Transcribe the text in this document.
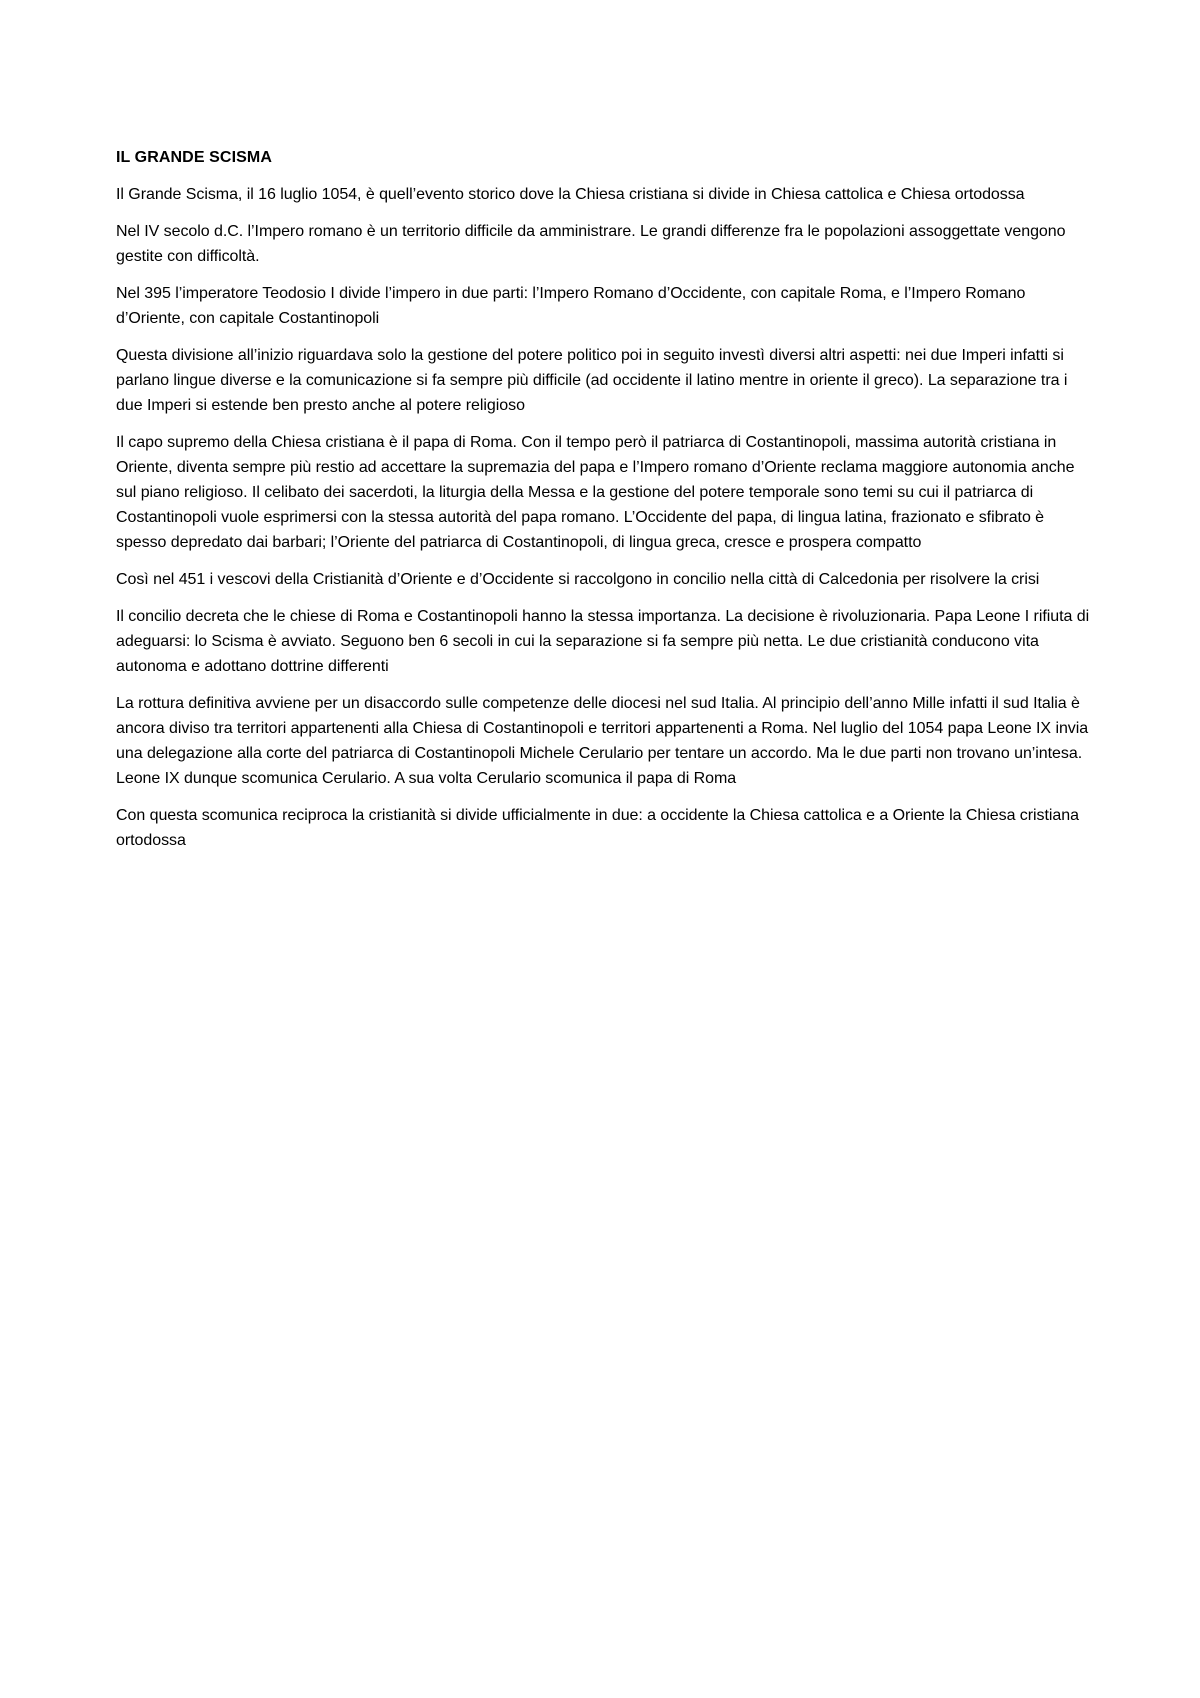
IL GRANDE SCISMA

Il Grande Scisma, il 16 luglio 1054, è quell’evento storico dove la Chiesa cristiana si divide in Chiesa cattolica e Chiesa ortodossa

Nel IV secolo d.C. l’Impero romano è un territorio difficile da amministrare. Le grandi differenze fra le popolazioni assoggettate vengono gestite con difficoltà.

Nel 395 l’imperatore Teodosio I divide l’impero in due parti: l’Impero Romano d’Occidente, con capitale Roma, e l’Impero Romano d’Oriente, con capitale Costantinopoli

Questa divisione all’inizio riguardava solo la gestione del potere politico poi in seguito investì diversi altri aspetti: nei due Imperi infatti si parlano lingue diverse e la comunicazione si fa sempre più difficile (ad occidente il latino mentre in oriente il greco). La separazione tra i due Imperi si estende ben presto anche al potere religioso

Il capo supremo della Chiesa cristiana è il papa di Roma. Con il tempo però il patriarca di Costantinopoli, massima autorità cristiana in Oriente, diventa sempre più restio ad accettare la supremazia del papa e l’Impero romano d’Oriente reclama maggiore autonomia anche sul piano religioso. Il celibato dei sacerdoti, la liturgia della Messa e la gestione del potere temporale sono temi su cui il patriarca di Costantinopoli vuole esprimersi con la stessa autorità del papa romano. L’Occidente del papa, di lingua latina, frazionato e sfibrato è spesso depredato dai barbari; l’Oriente del patriarca di Costantinopoli, di lingua greca, cresce e prospera compatto

Così nel 451 i vescovi della Cristianità d’Oriente e d’Occidente si raccolgono in concilio nella città di Calcedonia per risolvere la crisi

Il concilio decreta che le chiese di Roma e Costantinopoli hanno la stessa importanza. La decisione è rivoluzionaria. Papa Leone I rifiuta di adeguarsi: lo Scisma è avviato. Seguono ben 6 secoli in cui la separazione si fa sempre più netta. Le due cristianità conducono vita autonoma e adottano dottrine differenti

La rottura definitiva avviene per un disaccordo sulle competenze delle diocesi nel sud Italia. Al principio dell’anno Mille infatti il sud Italia è ancora diviso tra territori appartenenti alla Chiesa di Costantinopoli e territori appartenenti a Roma. Nel luglio del 1054 papa Leone IX invia una delegazione alla corte del patriarca di Costantinopoli Michele Cerulario per tentare un accordo. Ma le due parti non trovano un’intesa. Leone IX dunque scomunica Cerulario. A sua volta Cerulario scomunica il papa di Roma

Con questa scomunica reciproca la cristianità si divide ufficialmente in due: a occidente la Chiesa cattolica e a Oriente la Chiesa cristiana ortodossa
